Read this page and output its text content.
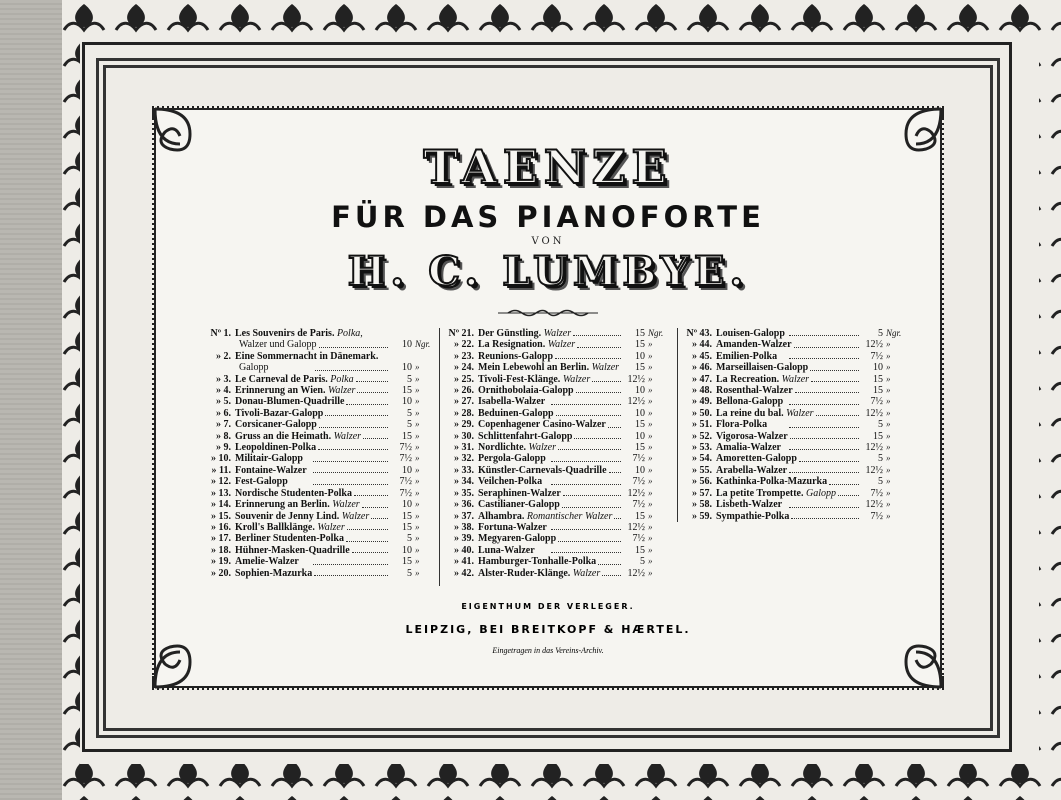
TAENZE
FÜR DAS PIANOFORTE
VON
H. C. LUMBYE.
Nº 1. Les Souvenirs de Paris. Polka,
Walzer und Galopp	10 Ngr.
» 2. Eine Sommernacht in Dänemark.
Galopp	10 »
» 3. Le Carneval de Paris. Polka	5 »
» 4. Erinnerung an Wien. Walzer	15 »
» 5. Donau-Blumen-Quadrille	10 »
» 6. Tivoli-Bazar-Galopp	5 »
» 7. Corsicaner-Galopp	5 »
» 8. Gruss an die Heimath. Walzer	15 »
» 9. Leopoldinen-Polka	7½ »
» 10. Militair-Galopp	7½ »
» 11. Fontaine-Walzer	10 »
» 12. Fest-Galopp	7½ »
» 13. Nordische Studenten-Polka	7½ »
» 14. Erinnerung an Berlin. Walzer	10 »
» 15. Souvenir de Jenny Lind. Walzer	15 »
» 16. Kroll's Ballklänge. Walzer	15 »
» 17. Berliner Studenten-Polka	5 »
» 18. Hühner-Masken-Quadrille	10 »
» 19. Amelie-Walzer	15 »
» 20. Sophien-Mazurka	5 »
Nº 21. Der Günstling. Walzer	15 Ngr.
» 22. La Resignation. Walzer	15 »
» 23. Reunions-Galopp	10 »
» 24. Mein Lebewohl an Berlin. Walzer	15 »
» 25. Tivoli-Fest-Klänge. Walzer	12½ »
» 26. Ornithobolaia-Galopp	10 »
» 27. Isabella-Walzer	12½ »
» 28. Beduinen-Galopp	10 »
» 29. Copenhagener Casino-Walzer	15 »
» 30. Schlittenfahrt-Galopp	10 »
» 31. Nordlichte. Walzer	15 »
» 32. Pergola-Galopp	7½ »
» 33. Künstler-Carnevals-Quadrille	10 »
» 34. Veilchen-Polka	7½ »
» 35. Seraphinen-Walzer	12½ »
» 36. Castilianer-Galopp	7½ »
» 37. Alhambra. Romantischer Walzer	15 »
» 38. Fortuna-Walzer	12½ »
» 39. Megyaren-Galopp	7½ »
» 40. Luna-Walzer	15 »
» 41. Hamburger-Tonhalle-Polka	5 »
» 42. Alster-Ruder-Klänge. Walzer	12½ »
Nº 43. Louisen-Galopp	5 Ngr.
» 44. Amanden-Walzer	12½ »
» 45. Emilien-Polka	7½ »
» 46. Marseillaisen-Galopp	10 »
» 47. La Recreation. Walzer	15 »
» 48. Rosenthal-Walzer	15 »
» 49. Bellona-Galopp	7½ »
» 50. La reine du bal. Walzer	12½ »
» 51. Flora-Polka	5 »
» 52. Vigorosa-Walzer	15 »
» 53. Amalia-Walzer	12½ »
» 54. Amoretten-Galopp	5 »
» 55. Arabella-Walzer	12½ »
» 56. Kathinka-Polka-Mazurka	5 »
» 57. La petite Trompette. Galopp	7½ »
» 58. Lisbeth-Walzer	12½ »
» 59. Sympathie-Polka	7½ »
EIGENTHUM DER VERLEGER.
LEIPZIG, BEI BREITKOPF & HÆRTEL.
Eingetragen in das Vereins-Archiv.
